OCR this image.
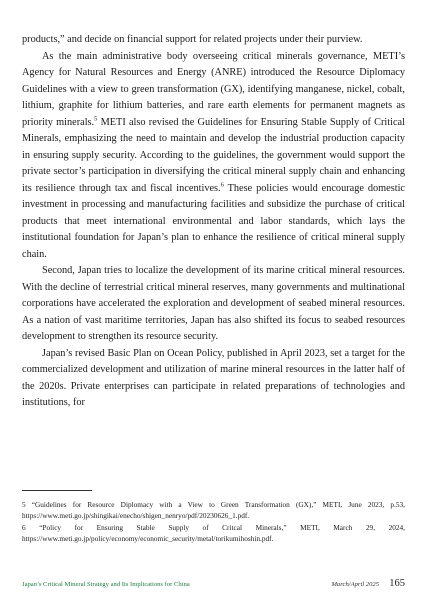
products,” and decide on financial support for related projects under their purview.

As the main administrative body overseeing critical minerals governance, METI’s Agency for Natural Resources and Energy (ANRE) introduced the Resource Diplomacy Guidelines with a view to green transformation (GX), identifying manganese, nickel, cobalt, lithium, graphite for lithium batteries, and rare earth elements for permanent magnets as priority minerals.$^5$ METI also revised the Guidelines for Ensuring Stable Supply of Critical Minerals, emphasizing the need to maintain and develop the industrial production capacity in ensuring supply security. According to the guidelines, the government would support the private sector’s participation in diversifying the critical mineral supply chain and enhancing its resilience through tax and fiscal incentives.$^6$ These policies would encourage domestic investment in processing and manufacturing facilities and subsidize the purchase of critical products that meet international environmental and labor standards, which lays the institutional foundation for Japan’s plan to enhance the resilience of critical mineral supply chain.

Second, Japan tries to localize the development of its marine critical mineral resources. With the decline of terrestrial critical mineral reserves, many governments and multinational corporations have accelerated the exploration and development of seabed mineral resources. As a nation of vast maritime territories, Japan has also shifted its focus to seabed resources development to strengthen its resource security.

Japan’s revised Basic Plan on Ocean Policy, published in April 2023, set a target for the commercialized development and utilization of marine mineral resources in the latter half of the 2020s. Private enterprises can participate in related preparations of technologies and institutions, for

5 “Guidelines for Resource Diplomacy with a View to Green Transformation (GX),” METI, June 2023, p.53, https://www.meti.go.jp/shingikai/enecho/shigen_nenryo/pdf/20230626_1.pdf.

6 “Policy for Ensuring Stable Supply of Critcal Minerals,” METI, March 29, 2024, https://www.meti.go.jp/policy/economy/economic_security/metal/torikumihoshin.pdf.

Japan’s Critical Mineral Strategy and Its Implications for China	March/April 2025 165
